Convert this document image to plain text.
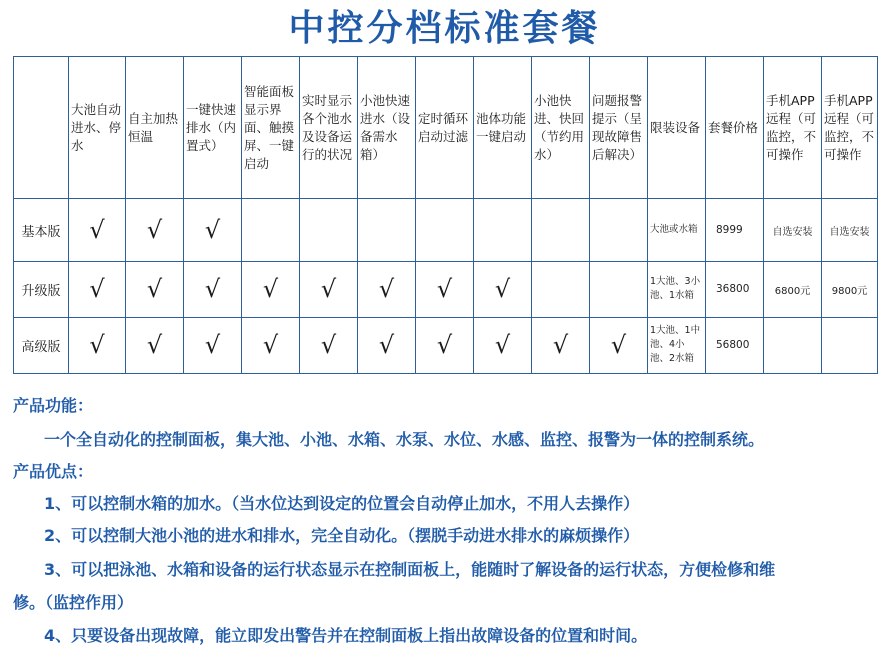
中控分档标准套餐
	大池自动进水、停水	自主加热恒温	一键快速排水（内置式）	智能面板显示界面、触摸屏、一键启动	实时显示各个池水及设备运行的状况	小池快速进水（设备需水箱）	定时循环启动过滤	池体功能一键启动	小池快进、快回（节约用水）	问题报警提示（呈现故障售后解决）	限装设备	套餐价格	手机APP远程（可监控，不可操作	手机APP远程（可监控，不可操作
基本版	√	√	√								大池或水箱	8999	自选安装	自选安装
升级版	√	√	√	√	√	√	√	√			1大池、3小池、1水箱	36800	6800元	9800元
高级版	√	√	√	√	√	√	√	√	√	√	1大池、1中池、4小池、2水箱	56800		
产品功能：
一个全自动化的控制面板，集大池、小池、水箱、水泵、水位、水感、监控、报警为一体的控制系统。
产品优点：
1、可以控制水箱的加水。（当水位达到设定的位置会自动停止加水，不用人去操作）
2、可以控制大池小池的进水和排水，完全自动化。（摆脱手动进水排水的麻烦操作）
3、可以把泳池、水箱和设备的运行状态显示在控制面板上，能随时了解设备的运行状态，方便检修和维
修。（监控作用）
4、只要设备出现故障，能立即发出警告并在控制面板上指出故障设备的位置和时间。
